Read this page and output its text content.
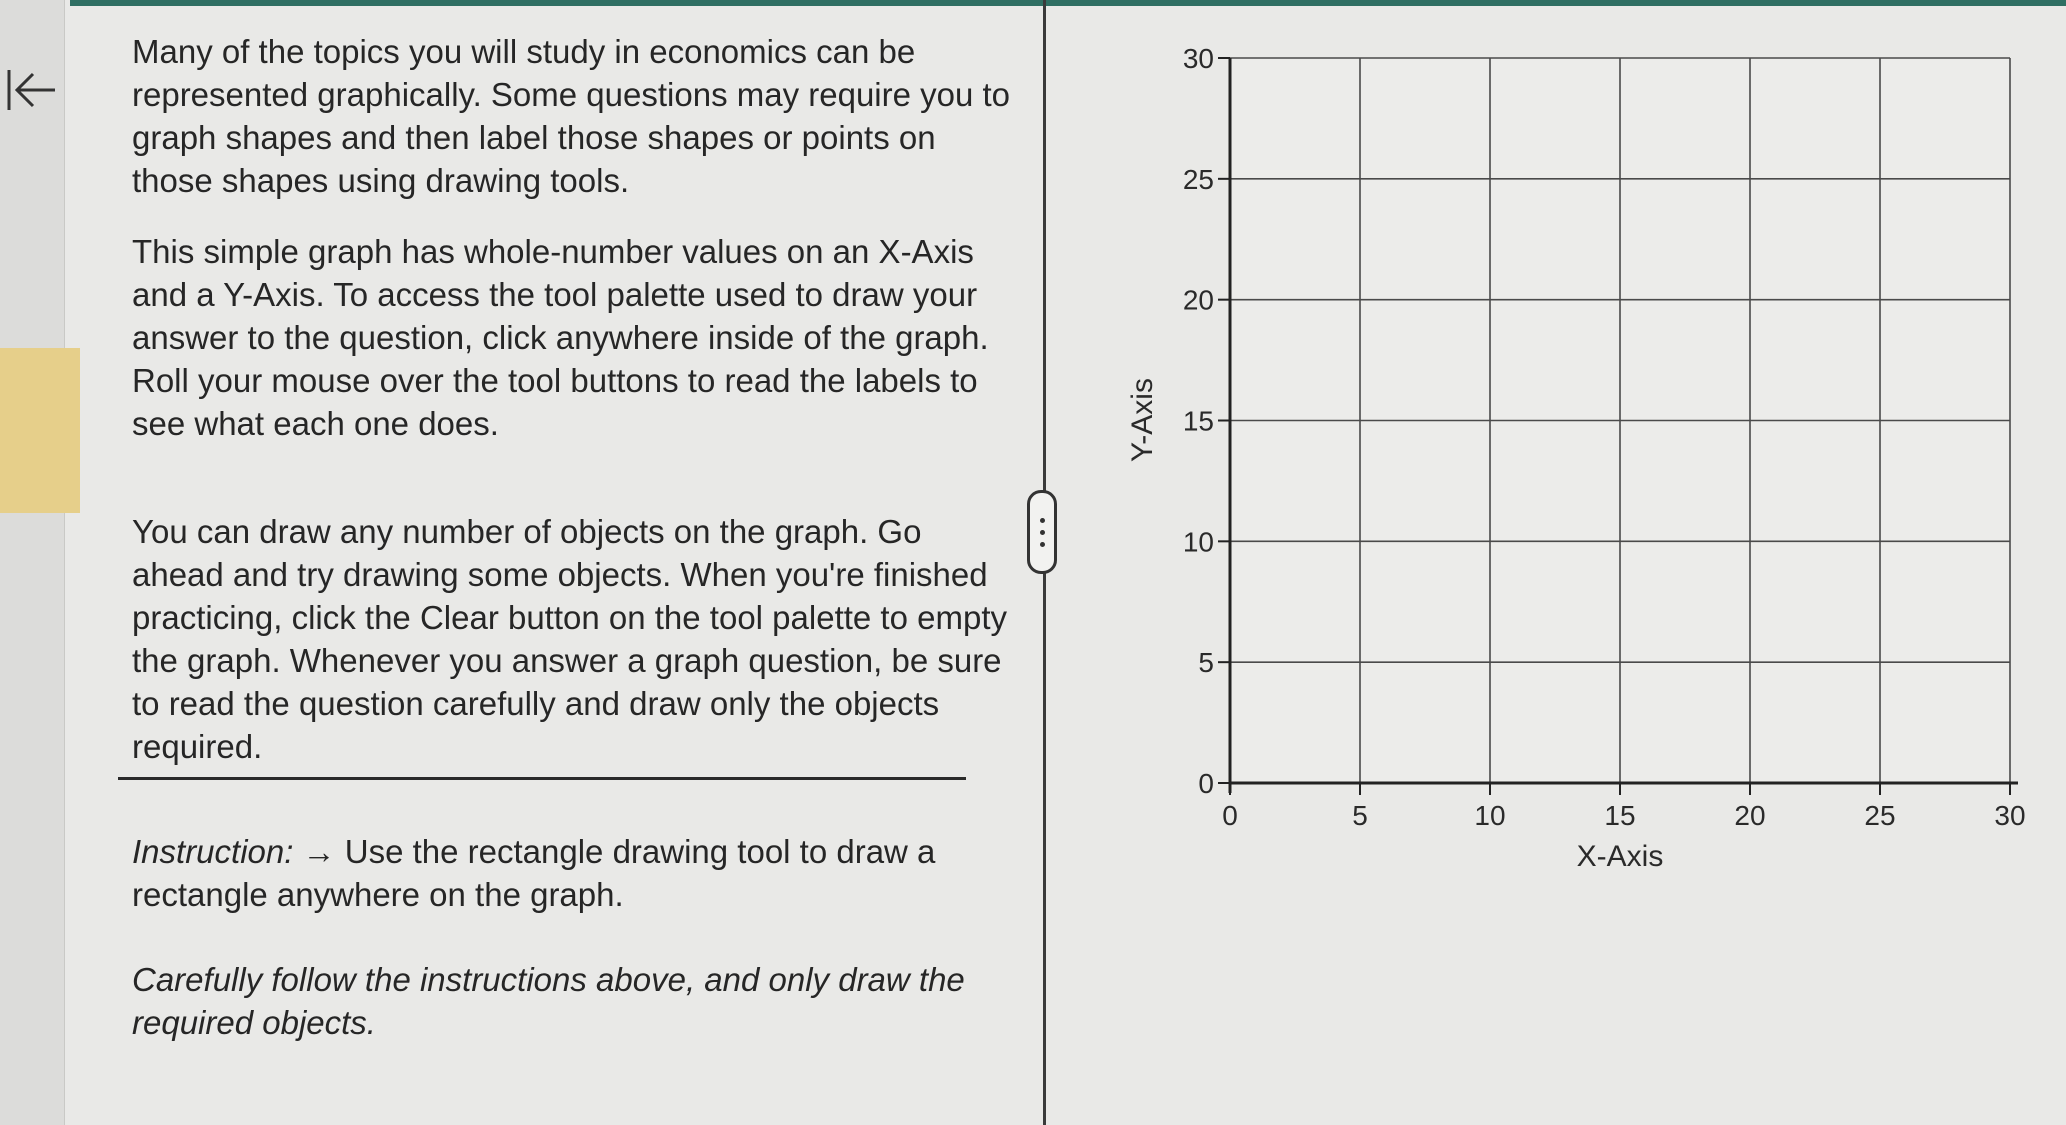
Many of the topics you will study in economics can be represented graphically. Some questions may require you to graph shapes and then label those shapes or points on those shapes using drawing tools.

This simple graph has whole-number values on an X-Axis and a Y-Axis. To access the tool palette used to draw your answer to the question, click anywhere inside of the graph. Roll your mouse over the tool buttons to read the labels to see what each one does.

You can draw any number of objects on the graph. Go ahead and try drawing some objects. When you're finished practicing, click the Clear button on the tool palette to empty the graph. Whenever you answer a graph question, be sure to read the question carefully and draw only the objects required.

Instruction: → Use the rectangle drawing tool to draw a rectangle anywhere on the graph.

Carefully follow the instructions above, and only draw the required objects.

0	5	10	15	20	25	30
0
5
10
15
20
25
30
Y-Axis
X-Axis
